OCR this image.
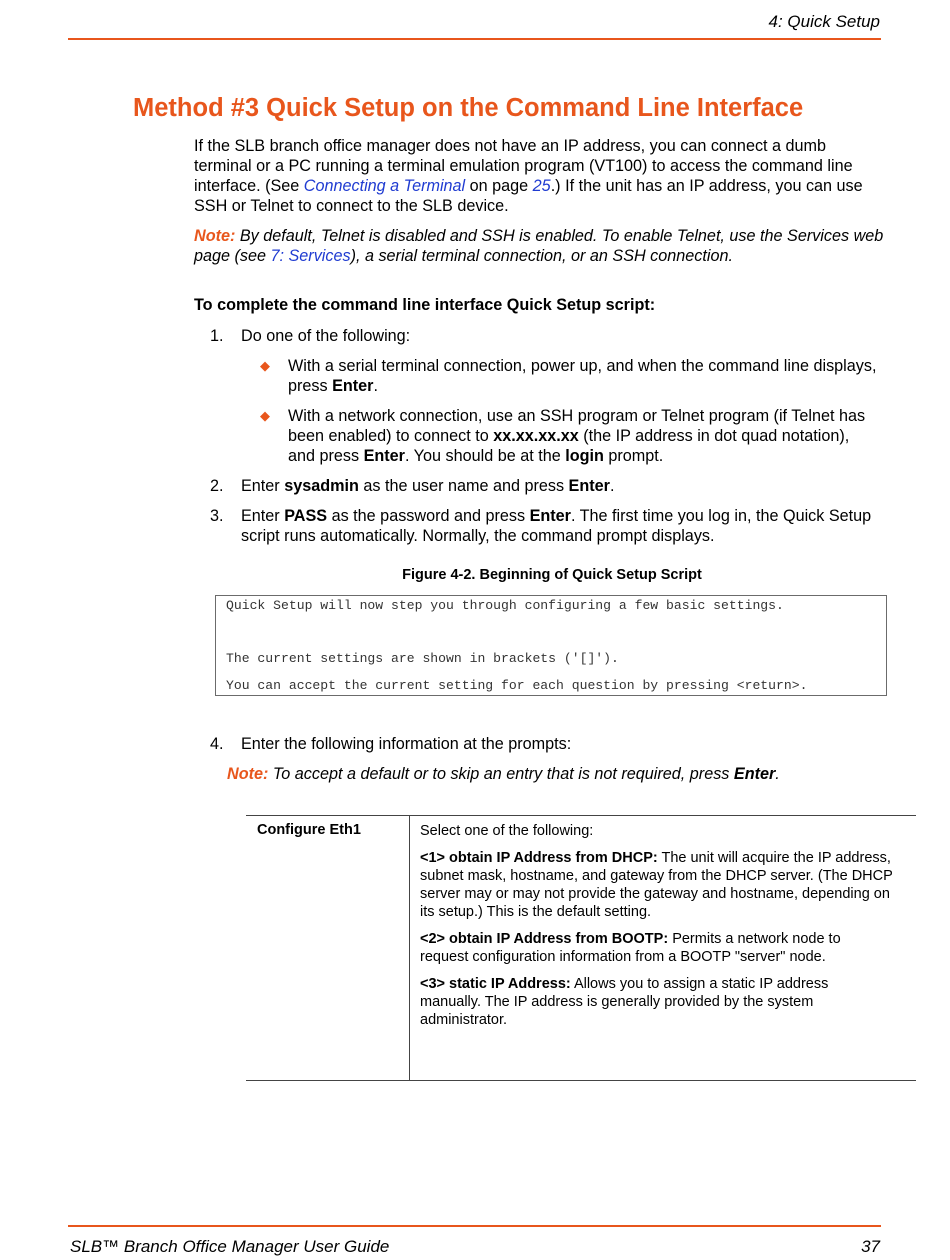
4: Quick Setup
Method #3 Quick Setup on the Command Line Interface

If the SLB branch office manager does not have an IP address, you can connect a dumb terminal or a PC running a terminal emulation program (VT100) to access the command line interface. (See Connecting a Terminal on page 25.) If the unit has an IP address, you can use SSH or Telnet to connect to the SLB device.

Note: By default, Telnet is disabled and SSH is enabled. To enable Telnet, use the Services web page (see 7: Services), a serial terminal connection, or an SSH connection.

To complete the command line interface Quick Setup script:
1. Do one of the following:
◆ With a serial terminal connection, power up, and when the command line displays, press Enter.
◆ With a network connection, use an SSH program or Telnet program (if Telnet has been enabled) to connect to xx.xx.xx.xx (the IP address in dot quad notation), and press Enter. You should be at the login prompt.
2. Enter sysadmin as the user name and press Enter.
3. Enter PASS as the password and press Enter. The first time you log in, the Quick Setup script runs automatically. Normally, the command prompt displays.
Figure 4-2. Beginning of Quick Setup Script
Quick Setup will now step you through configuring a few basic settings.
The current settings are shown in brackets ('[]').
You can accept the current setting for each question by pressing <return>.
4. Enter the following information at the prompts:
Note: To accept a default or to skip an entry that is not required, press Enter.
Configure Eth1	Select one of the following:

<1> obtain IP Address from DHCP: The unit will acquire the IP address, subnet mask, hostname, and gateway from the DHCP server. (The DHCP server may or may not provide the gateway and hostname, depending on its setup.) This is the default setting.

<2> obtain IP Address from BOOTP: Permits a network node to request configuration information from a BOOTP "server" node.

<3> static IP Address: Allows you to assign a static IP address manually. The IP address is generally provided by the system administrator.

SLB™ Branch Office Manager User Guide	37
